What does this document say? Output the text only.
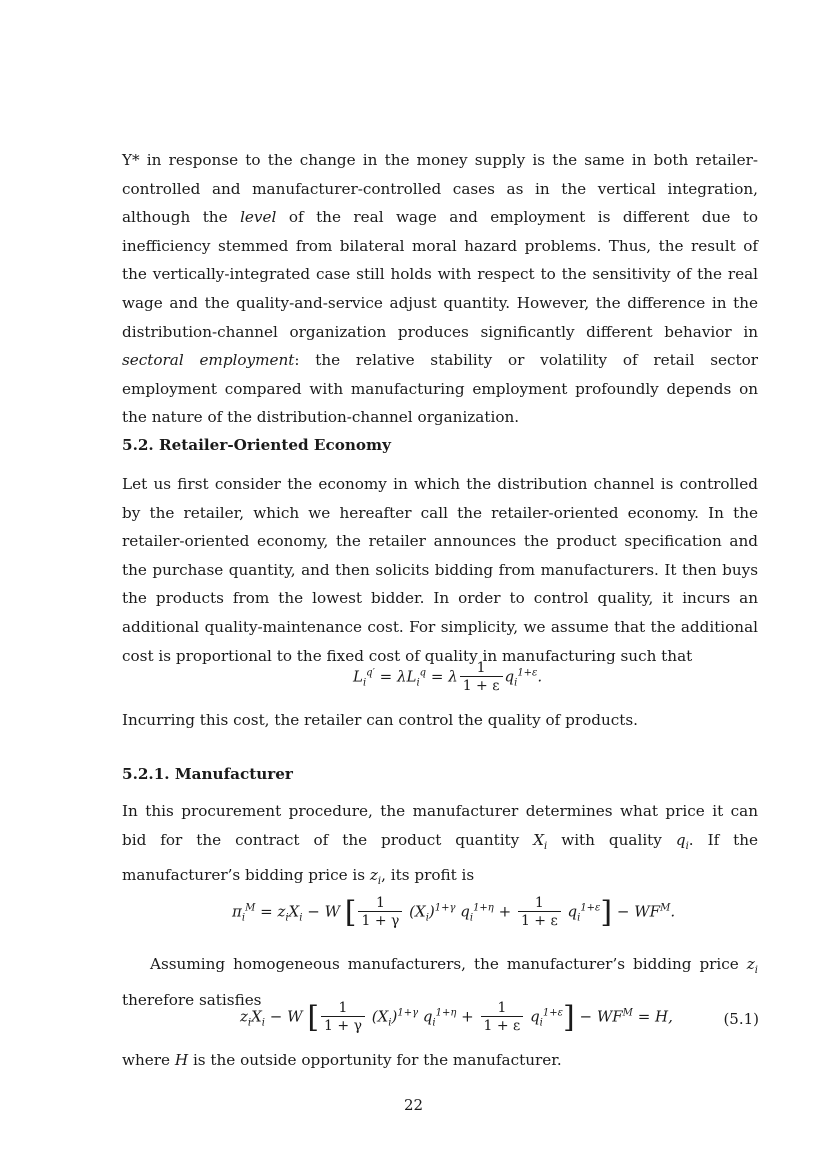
Y* in response to the change in the money supply is the same in both retailer-controlled and manufacturer-controlled cases as in the vertical integration, although the level of the real wage and employment is different due to inefficiency stemmed from bilateral moral hazard problems. Thus, the result of the vertically-integrated case still holds with respect to the sensitivity of the real wage and the quality-and-service adjust quantity. However, the difference in the distribution-channel organization produces significantly different behavior in sectoral employment: the relative stability or volatility of retail sector employment compared with manufacturing employment profoundly depends on the nature of the distribution-channel organization.

5.2. Retailer-Oriented Economy

Let us first consider the economy in which the distribution channel is controlled by the retailer, which we hereafter call the retailer-oriented economy. In the retailer-oriented economy, the retailer announces the product specification and the purchase quantity, and then solicits bidding from manufacturers. It then buys the products from the lowest bidder. In order to control quality, it incurs an additional quality-maintenance cost. For simplicity, we assume that the additional cost is proportional to the fixed cost of quality in manufacturing such that

$L_i^{q'} = \lambda L_i^q = \lambda \frac{1}{1 + \varepsilon} q_i^{1+\varepsilon}$.

Incurring this cost, the retailer can control the quality of products.

5.2.1. Manufacturer

In this procurement procedure, the manufacturer determines what price it can bid for the contract of the product quantity $X_i$ with quality $q_i$. If the manufacturer’s bidding price is $z_i$, its profit is

$\pi_i^M = z_iX_i - W$ [ $\frac{1}{1 + \gamma} (X_i)^{1+\gamma}$ $q_i^{1+\eta} + \frac{1}{1 + \varepsilon} q_i^{1+\varepsilon}] - WF^M$.

Assuming homogeneous manufacturers, the manufacturer’s bidding price $z_i$ therefore satisfies

$z_iX_i - W$ [ $\frac{1}{1 + \gamma} (X_i)^{1+\gamma}$ $q_i^{1+\eta} + \frac{1}{1 + \varepsilon} q_i^{1+\varepsilon}] - WF^M = H$,	(5.1)

where H is the outside opportunity for the manufacturer.

22
